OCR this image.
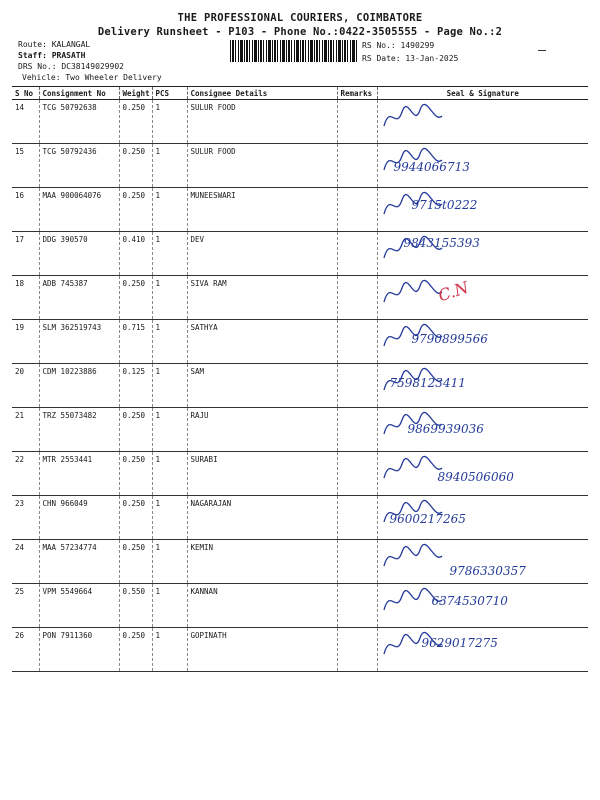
THE PROFESSIONAL COURIERS, COIMBATORE
Delivery Runsheet - P103 - Phone No.:0422-3505555 - Page No.:2
Route: KALANGAL
Staff: PRASATH
DRS No.: DC38149029902
Vehicle: Two Wheeler Delivery
RS No.: 1490299
RS Date: 13-Jan-2025
S No	Consignment No	Weight	PCS	Consignee Details	Remarks	Seal & Signature
14	TCG 50792638	0.250	1	SULUR FOOD		

15	TCG 50792436	0.250	1	SULUR FOOD		9944066713

16	MAA 900064076	0.250	1	MUNEESWARI		9715t0222

17	DDG 390570	0.410	1	DEV		9843155393

18	ADB 745387	0.250	1	SIVA RAM		C.N

19	SLM 362519743	0.715	1	SATHYA		9790899566

20	CDM 10223886	0.125	1	SAM		7598123411

21	TRZ 55073482	0.250	1	RAJU		9869939036

22	MTR 2553441	0.250	1	SURABI		8940506060

23	CHN 966049	0.250	1	NAGARAJAN		9600217265

24	MAA 57234774	0.250	1	KEMIN		9786330357

25	VPM 5549664	0.550	1	KANNAN		6374530710

26	PON 7911360	0.250	1	GOPINATH		9629017275
